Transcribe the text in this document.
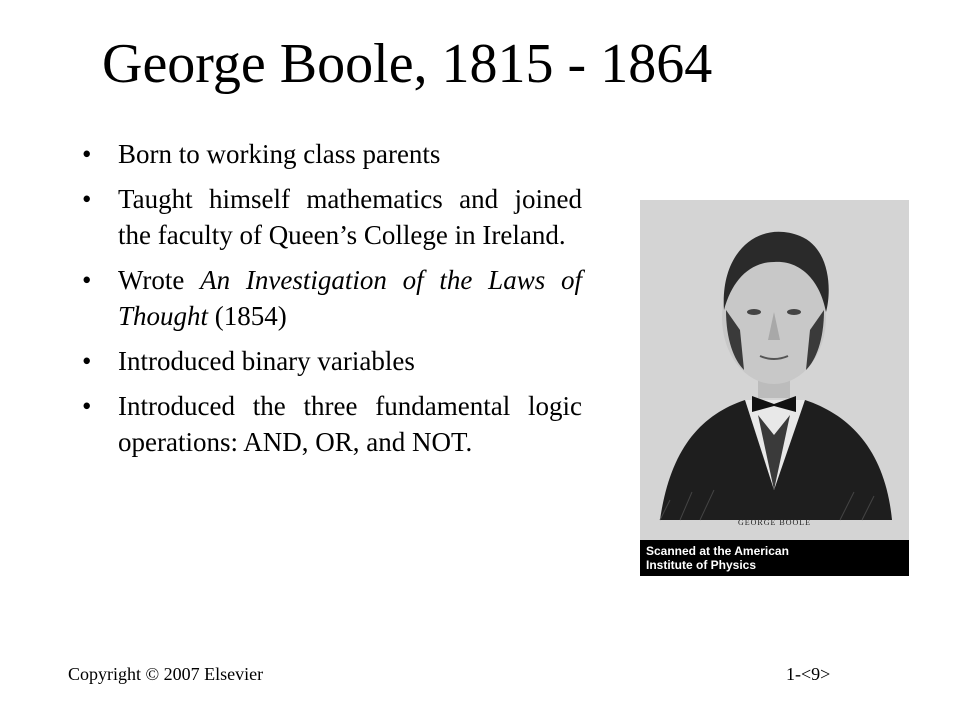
George Boole, 1815 - 1864
• Born to working class parents
• Taught himself mathematics and joined the faculty of Queen’s College in Ireland.
• Wrote An Investigation of the Laws of Thought (1854)
• Introduced binary variables
• Introduced the three fundamental logic operations: AND, OR, and NOT.
GEORGE BOOLE
Scanned at the American
Institute of Physics
Copyright © 2007 Elsevier	1-<9>
